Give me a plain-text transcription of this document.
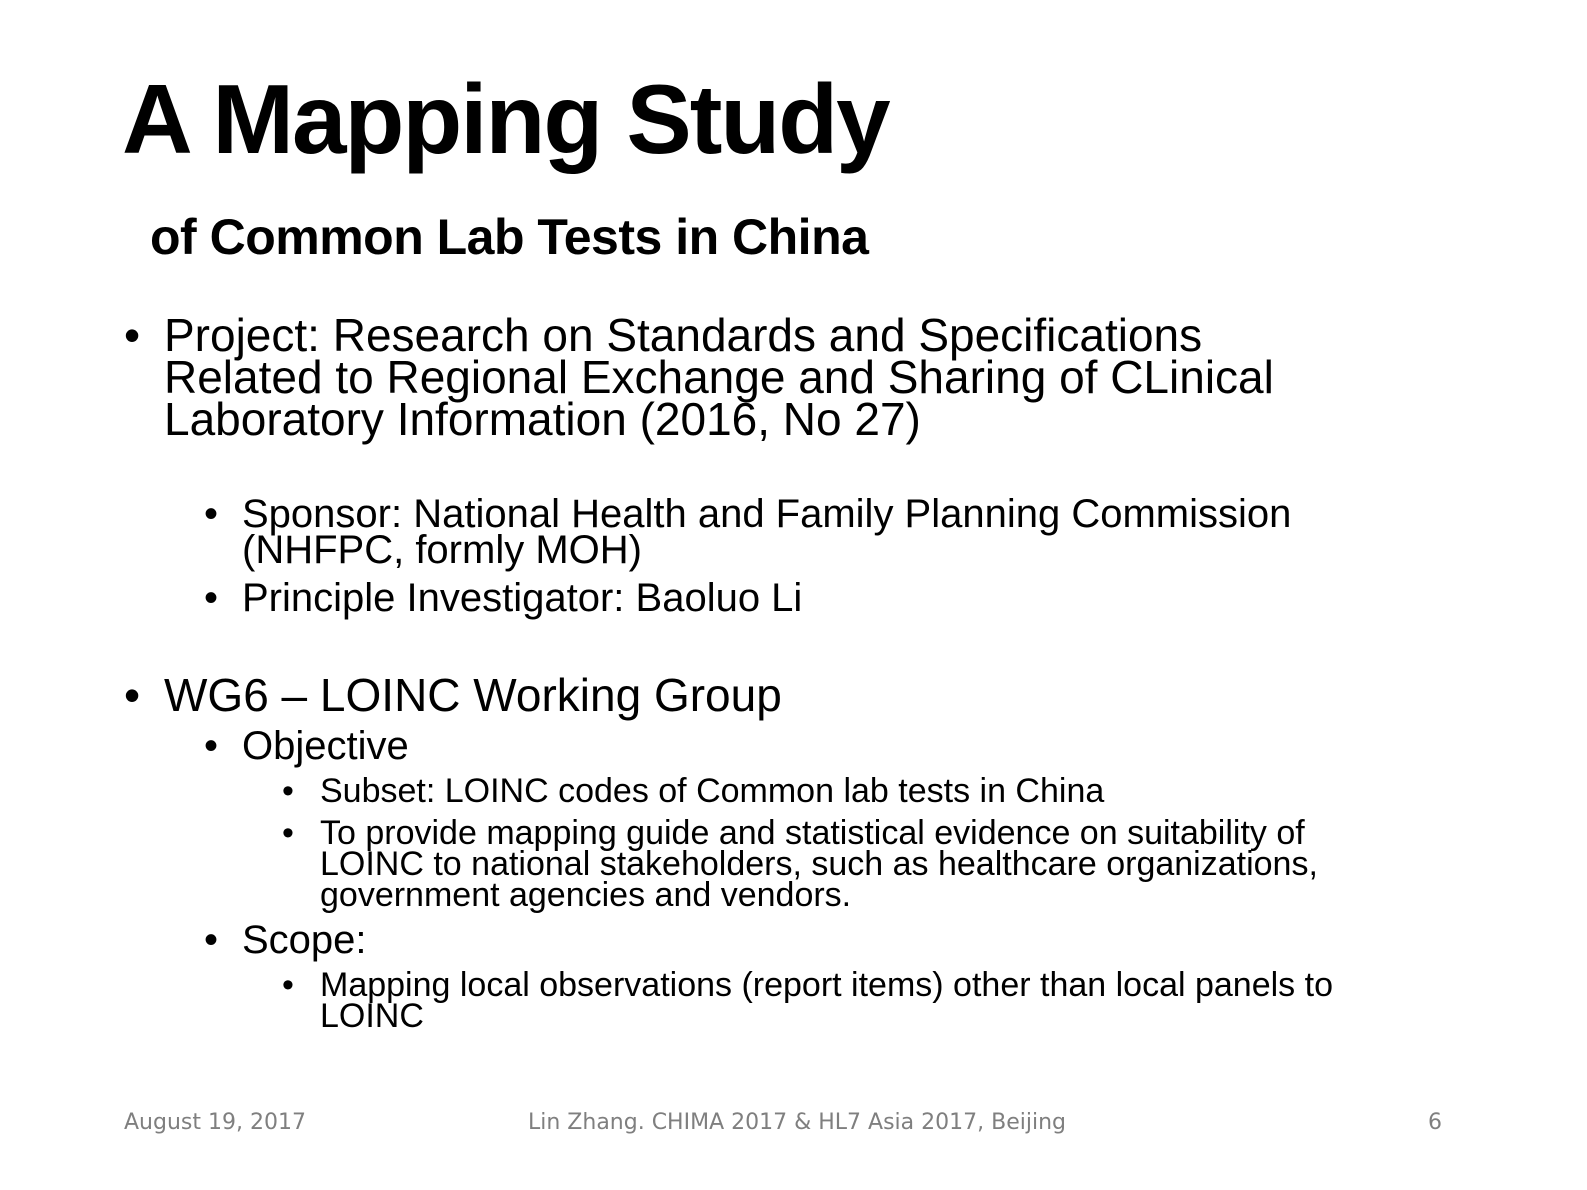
A Mapping Study
of Common Lab Tests in China
• Project: Research on Standards and Specifications
Related to Regional Exchange and Sharing of CLinical
Laboratory Information (2016, No 27)
• Sponsor: National Health and Family Planning Commission
(NHFPC, formly MOH)
• Principle Investigator: Baoluo Li
• WG6 – LOINC Working Group
• Objective
• Subset: LOINC codes of Common lab tests in China
• To provide mapping guide and statistical evidence on suitability of
LOINC to national stakeholders, such as healthcare organizations,
government agencies and vendors.
• Scope:
• Mapping local observations (report items) other than local panels to
LOINC
August 19, 2017	Lin Zhang. CHIMA 2017 & HL7 Asia 2017, Beijing	6
